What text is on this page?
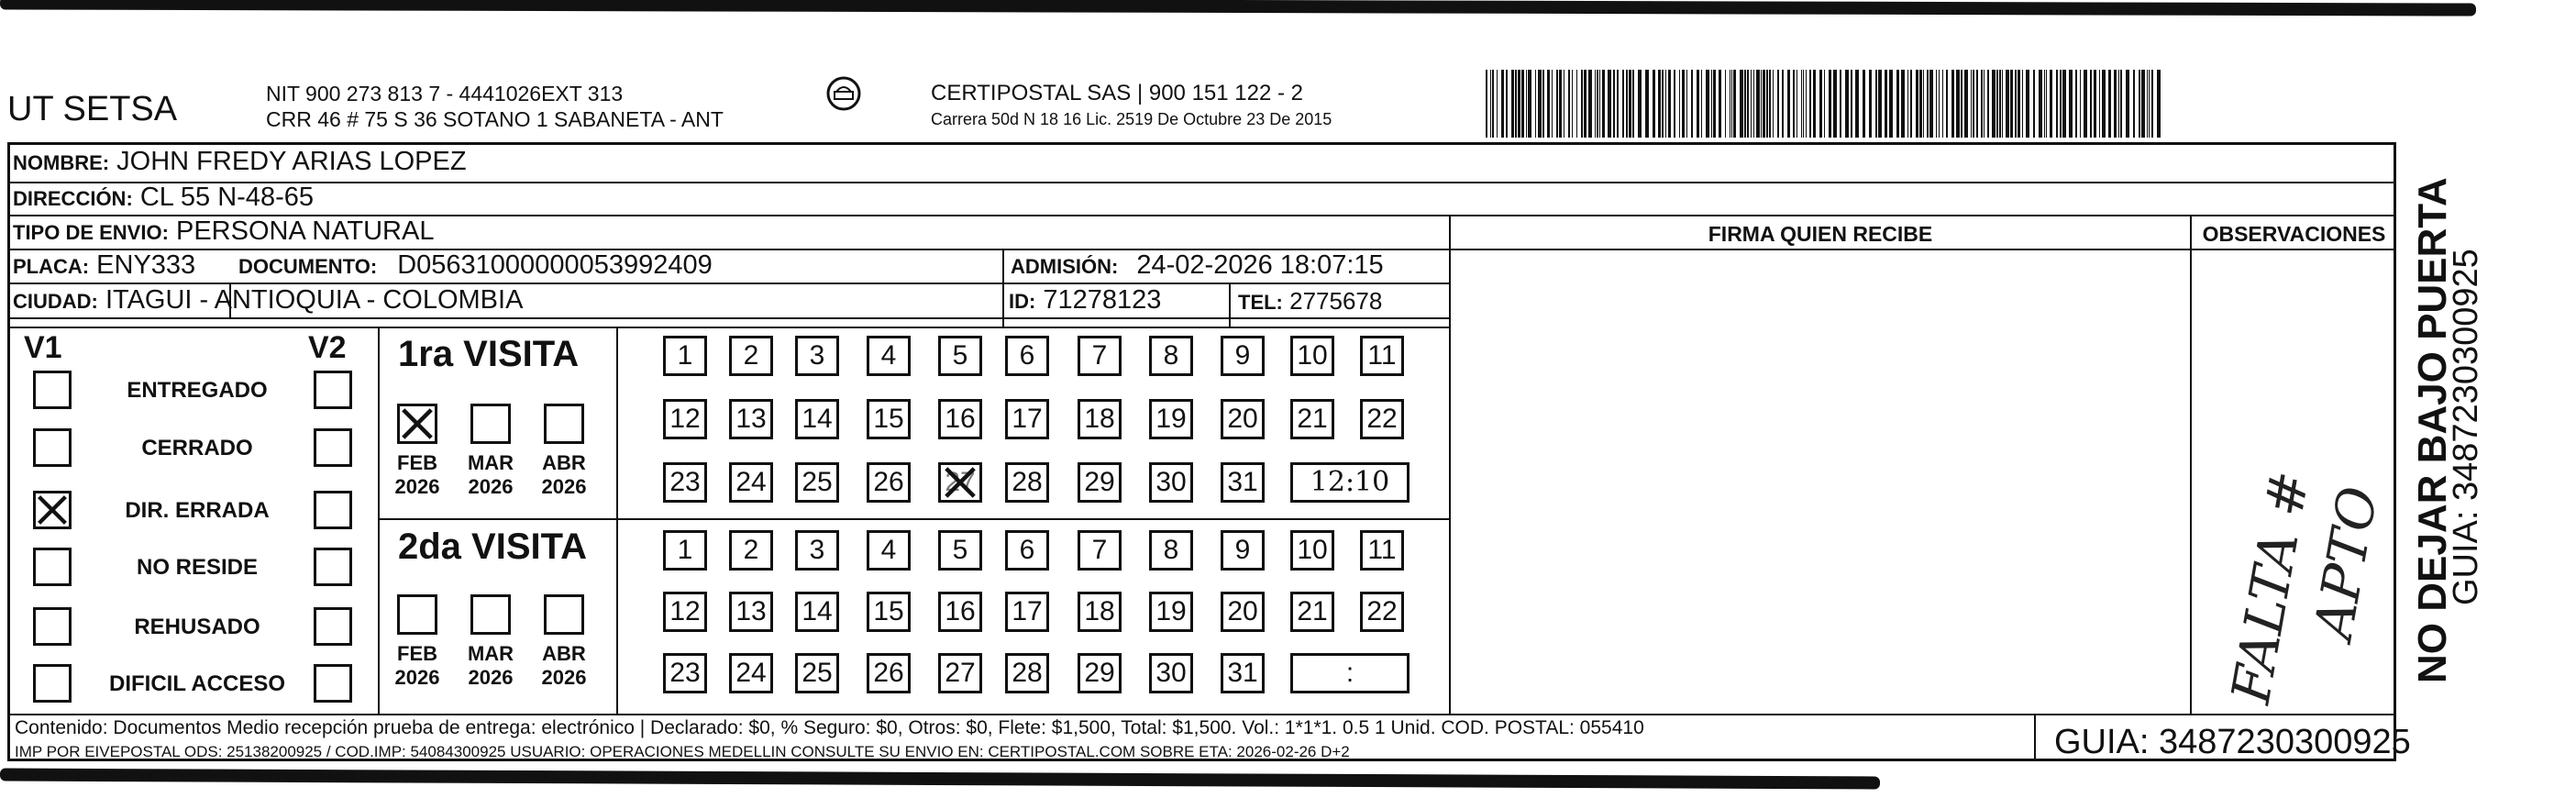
UT SETSA	NIT 900 273 813 7 - 4441026EXT 313
CRR 46 # 75 S 36 SOTANO 1 SABANETA - ANT
CERTIPOSTAL SAS | 900 151 122 - 2
Carrera 50d N 18 16 Lic. 2519 De Octubre 23 De 2015
NOMBRE: JOHN FREDY ARIAS LOPEZ
DIRECCIÓN: CL 55 N-48-65
TIPO DE ENVIO: PERSONA NATURAL
PLACA: ENY333 DOCUMENTO: D05631000000053992409	ADMISIÓN: 24-02-2026 18:07:15
CIUDAD: ITAGUI - ANTIOQUIA - COLOMBIA	ID: 71278123	TEL: 2775678
FIRMA QUIEN RECIBE	OBSERVACIONES
V1	V2
ENTREGADO
CERRADO
DIR. ERRADA
NO RESIDE
REHUSADO
DIFICIL ACCESO
1ra VISITA
2da VISITA
FEB
2026
MAR
2026
ABR
2026
FEB
2026
MAR
2026
ABR
2026
1	2	3	4	5	6	7	8	9	10 11
12 13 14 15 16 17 18 19 20 21 22
23 24 25 26 27 28 29 30 31	12:10
1	2	3	4	5	6	7	8	9	10 11
12 13 14 15 16 17 18 19 20 21 22
23 24 25 26 27 28 29 30 31	:	FALTA #
APTO
Contenido: Documentos Medio recepción prueba de entrega: electrónico | Declarado: $0, % Seguro: $0, Otros: $0, Flete: $1,500, Total: $1,500. Vol.: 1*1*1. 0.5 1 Unid. COD. POSTAL: 055410
IMP POR EIVEPOSTAL ODS: 25138200925 / COD.IMP: 54084300925 USUARIO: OPERACIONES MEDELLIN CONSULTE SU ENVIO EN: CERTIPOSTAL.COM SOBRE ETA: 2026-02-26 D+2	GUIA: 3487230300925
NO DEJAR BAJO PUERTA
GUIA: 3487230300925
